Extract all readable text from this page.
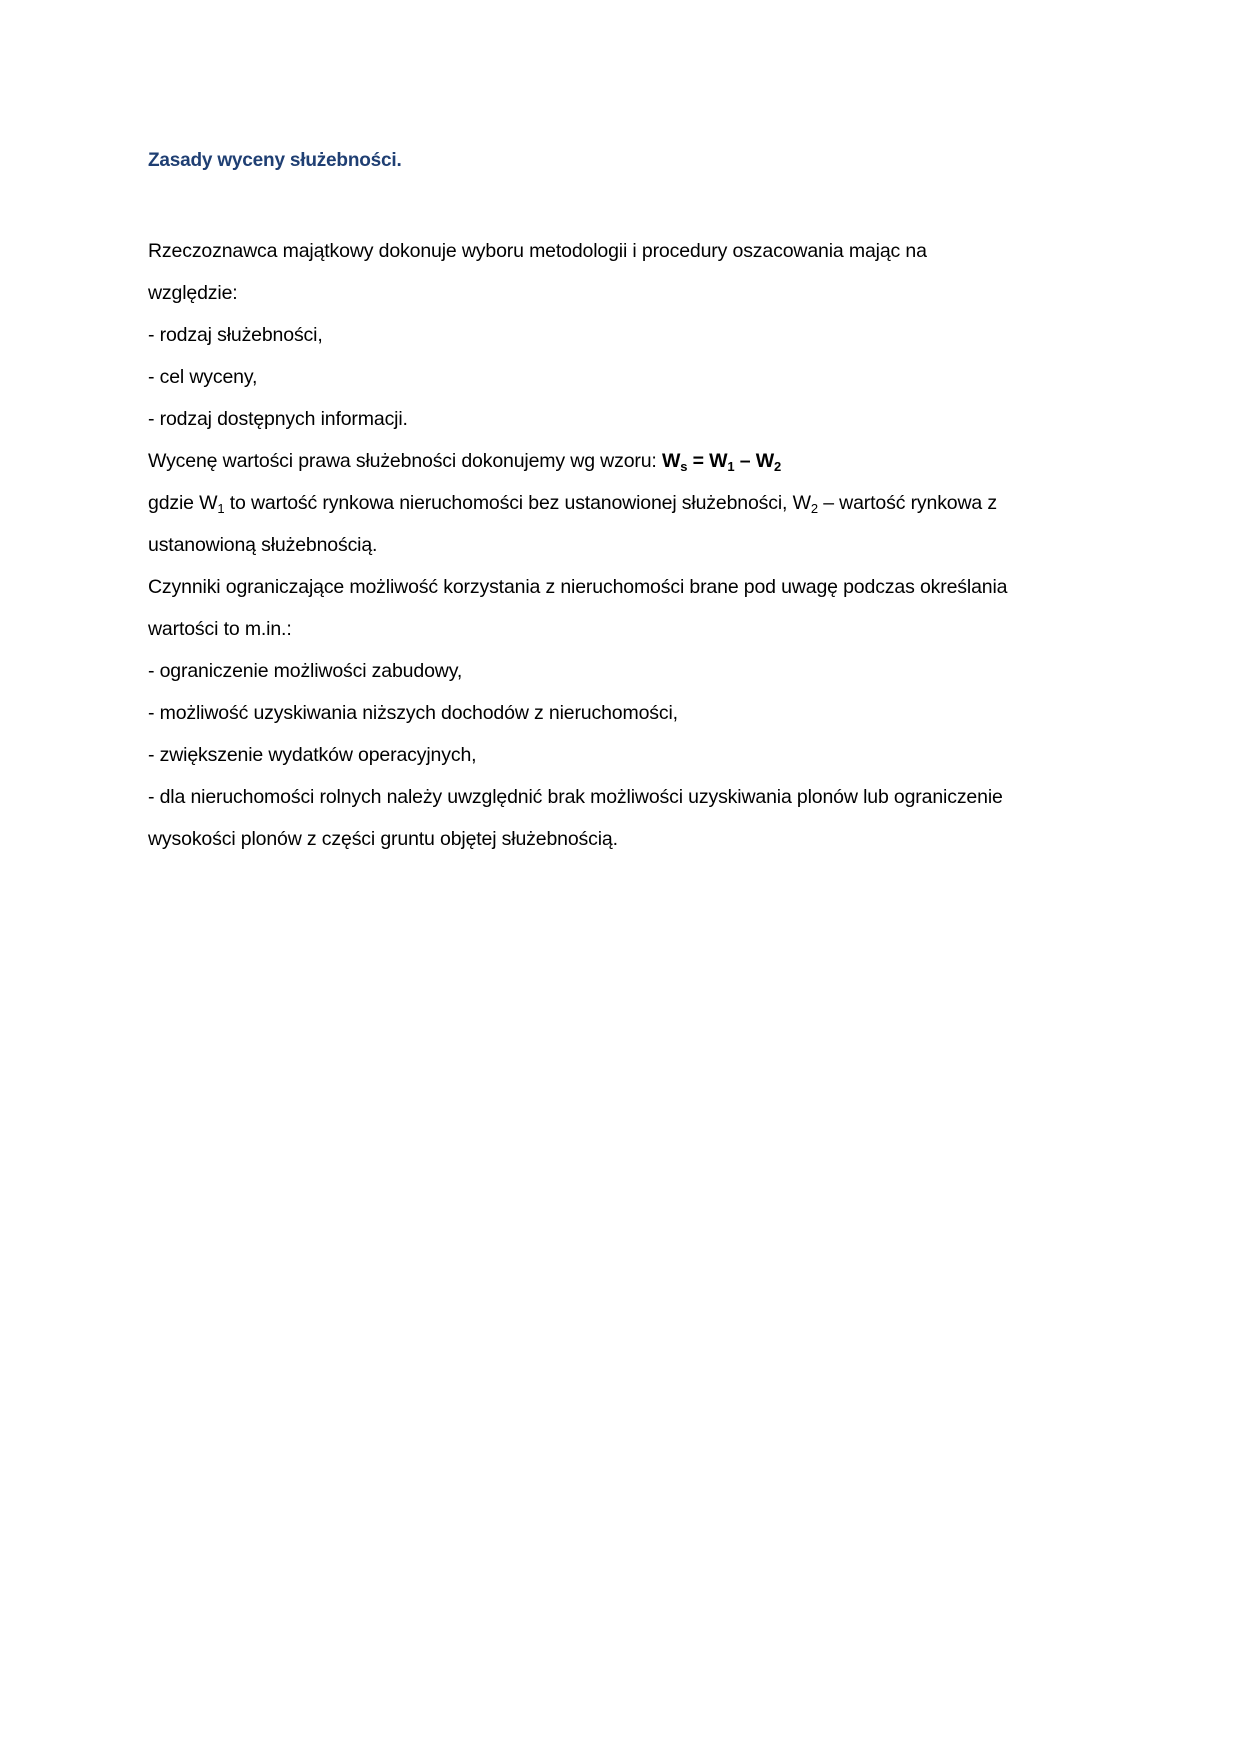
Zasady wyceny służebności.
Rzeczoznawca majątkowy dokonuje wyboru metodologii i procedury oszacowania mając na
względzie:
- rodzaj służebności,
- cel wyceny,
- rodzaj dostępnych informacji.
Wycenę wartości prawa służebności dokonujemy wg wzoru: $W_s = W_1 - W_2$
gdzie $W_1$ to wartość rynkowa nieruchomości bez ustanowionej służebności, $W_2$ – wartość rynkowa z
ustanowioną służebnością.
Czynniki ograniczające możliwość korzystania z nieruchomości brane pod uwagę podczas określania
wartości to m.in.:
- ograniczenie możliwości zabudowy,
- możliwość uzyskiwania niższych dochodów z nieruchomości,
- zwiększenie wydatków operacyjnych,
- dla nieruchomości rolnych należy uwzględnić brak możliwości uzyskiwania plonów lub ograniczenie
wysokości plonów z części gruntu objętej służebnością.
